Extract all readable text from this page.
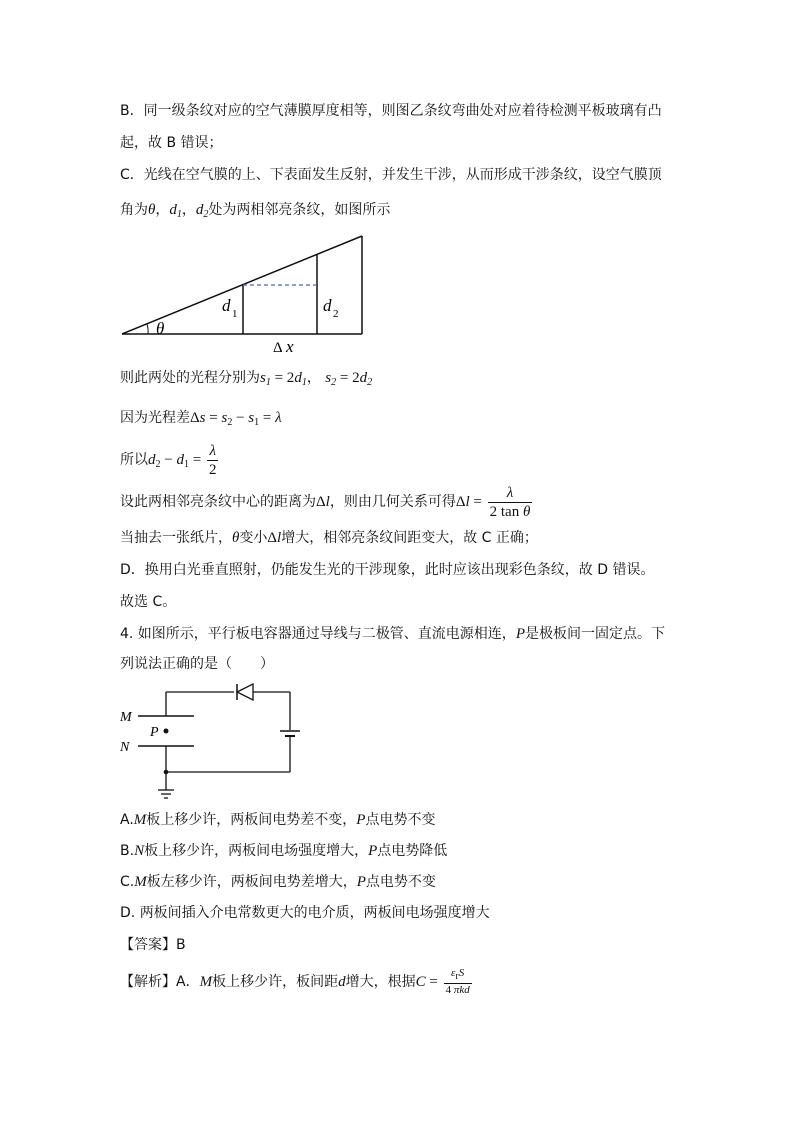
B．同一级条纹对应的空气薄膜厚度相等，则图乙条纹弯曲处对应着待检测平板玻璃有凸
起，故 B 错误；
C．光线在空气膜的上、下表面发生反射，并发生干涉，从而形成干涉条纹，设空气膜顶
角为θ，$d_1$，$d_2$处为两相邻亮条纹，如图所示
θ
d 1	d 2
Δ x
则此两处的光程分别为$s_1 = 2d_1$， $s_2 = 2d_2$
因为光程差$\Delta s = s_2 - s_1 = \lambda$
所以$d_2 - d_1 = \frac{\lambda}{2}$
设此两相邻亮条纹中心的距离为Δl，则由几何关系可得$\Delta l = \frac{\lambda}{\text{2 tan θ}}$
当抽去一张纸片，θ变小Δl增大，相邻亮条纹间距变大，故 C 正确；
D．换用白光垂直照射，仍能发生光的干涉现象，此时应该出现彩色条纹，故 D 错误。
故选 C。
4. 如图所示，平行板电容器通过导线与二极管、直流电源相连，P是极板间一固定点。下
列说法正确的是（　　）
M
N
P
A.M板上移少许，两板间电势差不变，P点电势不变
B.N板上移少许，两板间电场强度增大，P点电势降低
C.M板左移少许，两板间电势差增大，P点电势不变
D. 两板间插入介电常数更大的电介质，两板间电场强度增大
【答案】B
【解析】A．M板上移少许，板间距d增大，根据$C = \frac{\varepsilon_rS}{\text{4 πkd}}$
